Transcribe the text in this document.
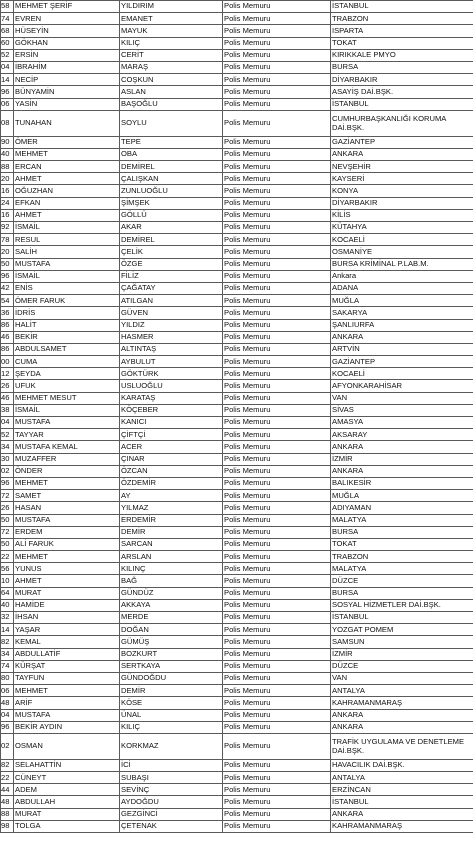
58	MEHMET ŞERİF	YILDIRIM	Polis Memuru	İSTANBUL
74	EVREN	EMANET	Polis Memuru	TRABZON
68	HÜSEYİN	MAYUK	Polis Memuru	ISPARTA
60	GÖKHAN	KILIÇ	Polis Memuru	TOKAT
52	ERSİN	CERİT	Polis Memuru	KIRIKKALE PMYO
04	İBRAHİM	MARAŞ	Polis Memuru	BURSA
14	NECİP	COŞKUN	Polis Memuru	DİYARBAKIR
96	BÜNYAMİN	ASLAN	Polis Memuru	ASAYİŞ DAİ.BŞK.
06	YASİN	BAŞOĞLU	Polis Memuru	İSTANBUL
08	TUNAHAN	SOYLU	Polis Memuru	CUMHURBAŞKANLIĞI KORUMA DAİ.BŞK.
90	ÖMER	TEPE	Polis Memuru	GAZİANTEP
40	MEHMET	OBA	Polis Memuru	ANKARA
88	ERCAN	DEMİREL	Polis Memuru	NEVŞEHİR
20	AHMET	ÇALIŞKAN	Polis Memuru	KAYSERİ
16	OĞUZHAN	ZUNLUOĞLU	Polis Memuru	KONYA
24	EFKAN	ŞİMŞEK	Polis Memuru	DİYARBAKIR
16	AHMET	GÖLLÜ	Polis Memuru	KİLİS
92	İSMAİL	AKAR	Polis Memuru	KÜTAHYA
78	RESUL	DEMİREL	Polis Memuru	KOCAELİ
20	SALİH	ÇELİK	Polis Memuru	OSMANİYE
50	MUSTAFA	ÖZGE	Polis Memuru	BURSA KRİMİNAL P.LAB.M.
96	İSMAİL	FİLİZ	Polis Memuru	Ankara
42	ENİS	ÇAĞATAY	Polis Memuru	ADANA
54	ÖMER FARUK	ATILGAN	Polis Memuru	MUĞLA
36	İDRİS	GÜVEN	Polis Memuru	SAKARYA
86	HALİT	YILDIZ	Polis Memuru	ŞANLIURFA
46	BEKİR	HASMER	Polis Memuru	ANKARA
86	ABDULSAMET	ALTINTAŞ	Polis Memuru	ARTVİN
00	CUMA	AYBULUT	Polis Memuru	GAZİANTEP
12	ŞEYDA	GÖKTÜRK	Polis Memuru	KOCAELİ
26	UFUK	USLUOĞLU	Polis Memuru	AFYONKARAHİSAR
46	MEHMET MESUT	KARATAŞ	Polis Memuru	VAN
38	İSMAİL	KÖÇEBER	Polis Memuru	SİVAS
04	MUSTAFA	KANICI	Polis Memuru	AMASYA
52	TAYYAR	ÇİFTÇİ	Polis Memuru	AKSARAY
34	MUSTAFA KEMAL	ACER	Polis Memuru	ANKARA
30	MUZAFFER	ÇINAR	Polis Memuru	İZMİR
02	ÖNDER	ÖZCAN	Polis Memuru	ANKARA
96	MEHMET	ÖZDEMİR	Polis Memuru	BALIKESİR
72	SAMET	AY	Polis Memuru	MUĞLA
26	HASAN	YILMAZ	Polis Memuru	ADIYAMAN
50	MUSTAFA	ERDEMİR	Polis Memuru	MALATYA
72	ERDEM	DEMİR	Polis Memuru	BURSA
50	ALİ FARUK	SARCAN	Polis Memuru	TOKAT
22	MEHMET	ARSLAN	Polis Memuru	TRABZON
56	YUNUS	KILINÇ	Polis Memuru	MALATYA
10	AHMET	BAĞ	Polis Memuru	DÜZCE
64	MURAT	GÜNDÜZ	Polis Memuru	BURSA
40	HAMİDE	AKKAYA	Polis Memuru	SOSYAL HİZMETLER DAİ.BŞK.
32	İHSAN	MERDE	Polis Memuru	İSTANBUL
14	YAŞAR	DOĞAN	Polis Memuru	YOZGAT POMEM
82	KEMAL	GÜMÜŞ	Polis Memuru	SAMSUN
34	ABDULLATİF	BOZKURT	Polis Memuru	İZMİR
74	KÜRŞAT	SERTKAYA	Polis Memuru	DÜZCE
80	TAYFUN	GÜNDOĞDU	Polis Memuru	VAN
06	MEHMET	DEMİR	Polis Memuru	ANTALYA
48	ARİF	KÖSE	Polis Memuru	KAHRAMANMARAŞ
04	MUSTAFA	ÜNAL	Polis Memuru	ANKARA
96	BEKİR AYDIN	KILIÇ	Polis Memuru	ANKARA
02	OSMAN	KORKMAZ	Polis Memuru	TRAFİK UYGULAMA VE DENETLEME DAİ.BŞK.
82	SELAHATTİN	İCİ	Polis Memuru	HAVACILIK DAİ.BŞK.
22	CÜNEYT	SUBAŞI	Polis Memuru	ANTALYA
44	ADEM	SEVİNÇ	Polis Memuru	ERZİNCAN
48	ABDULLAH	AYDOĞDU	Polis Memuru	İSTANBUL
88	MURAT	GEZGİNCİ	Polis Memuru	ANKARA
98	TOLGA	ÇETENAK	Polis Memuru	KAHRAMANMARAŞ
